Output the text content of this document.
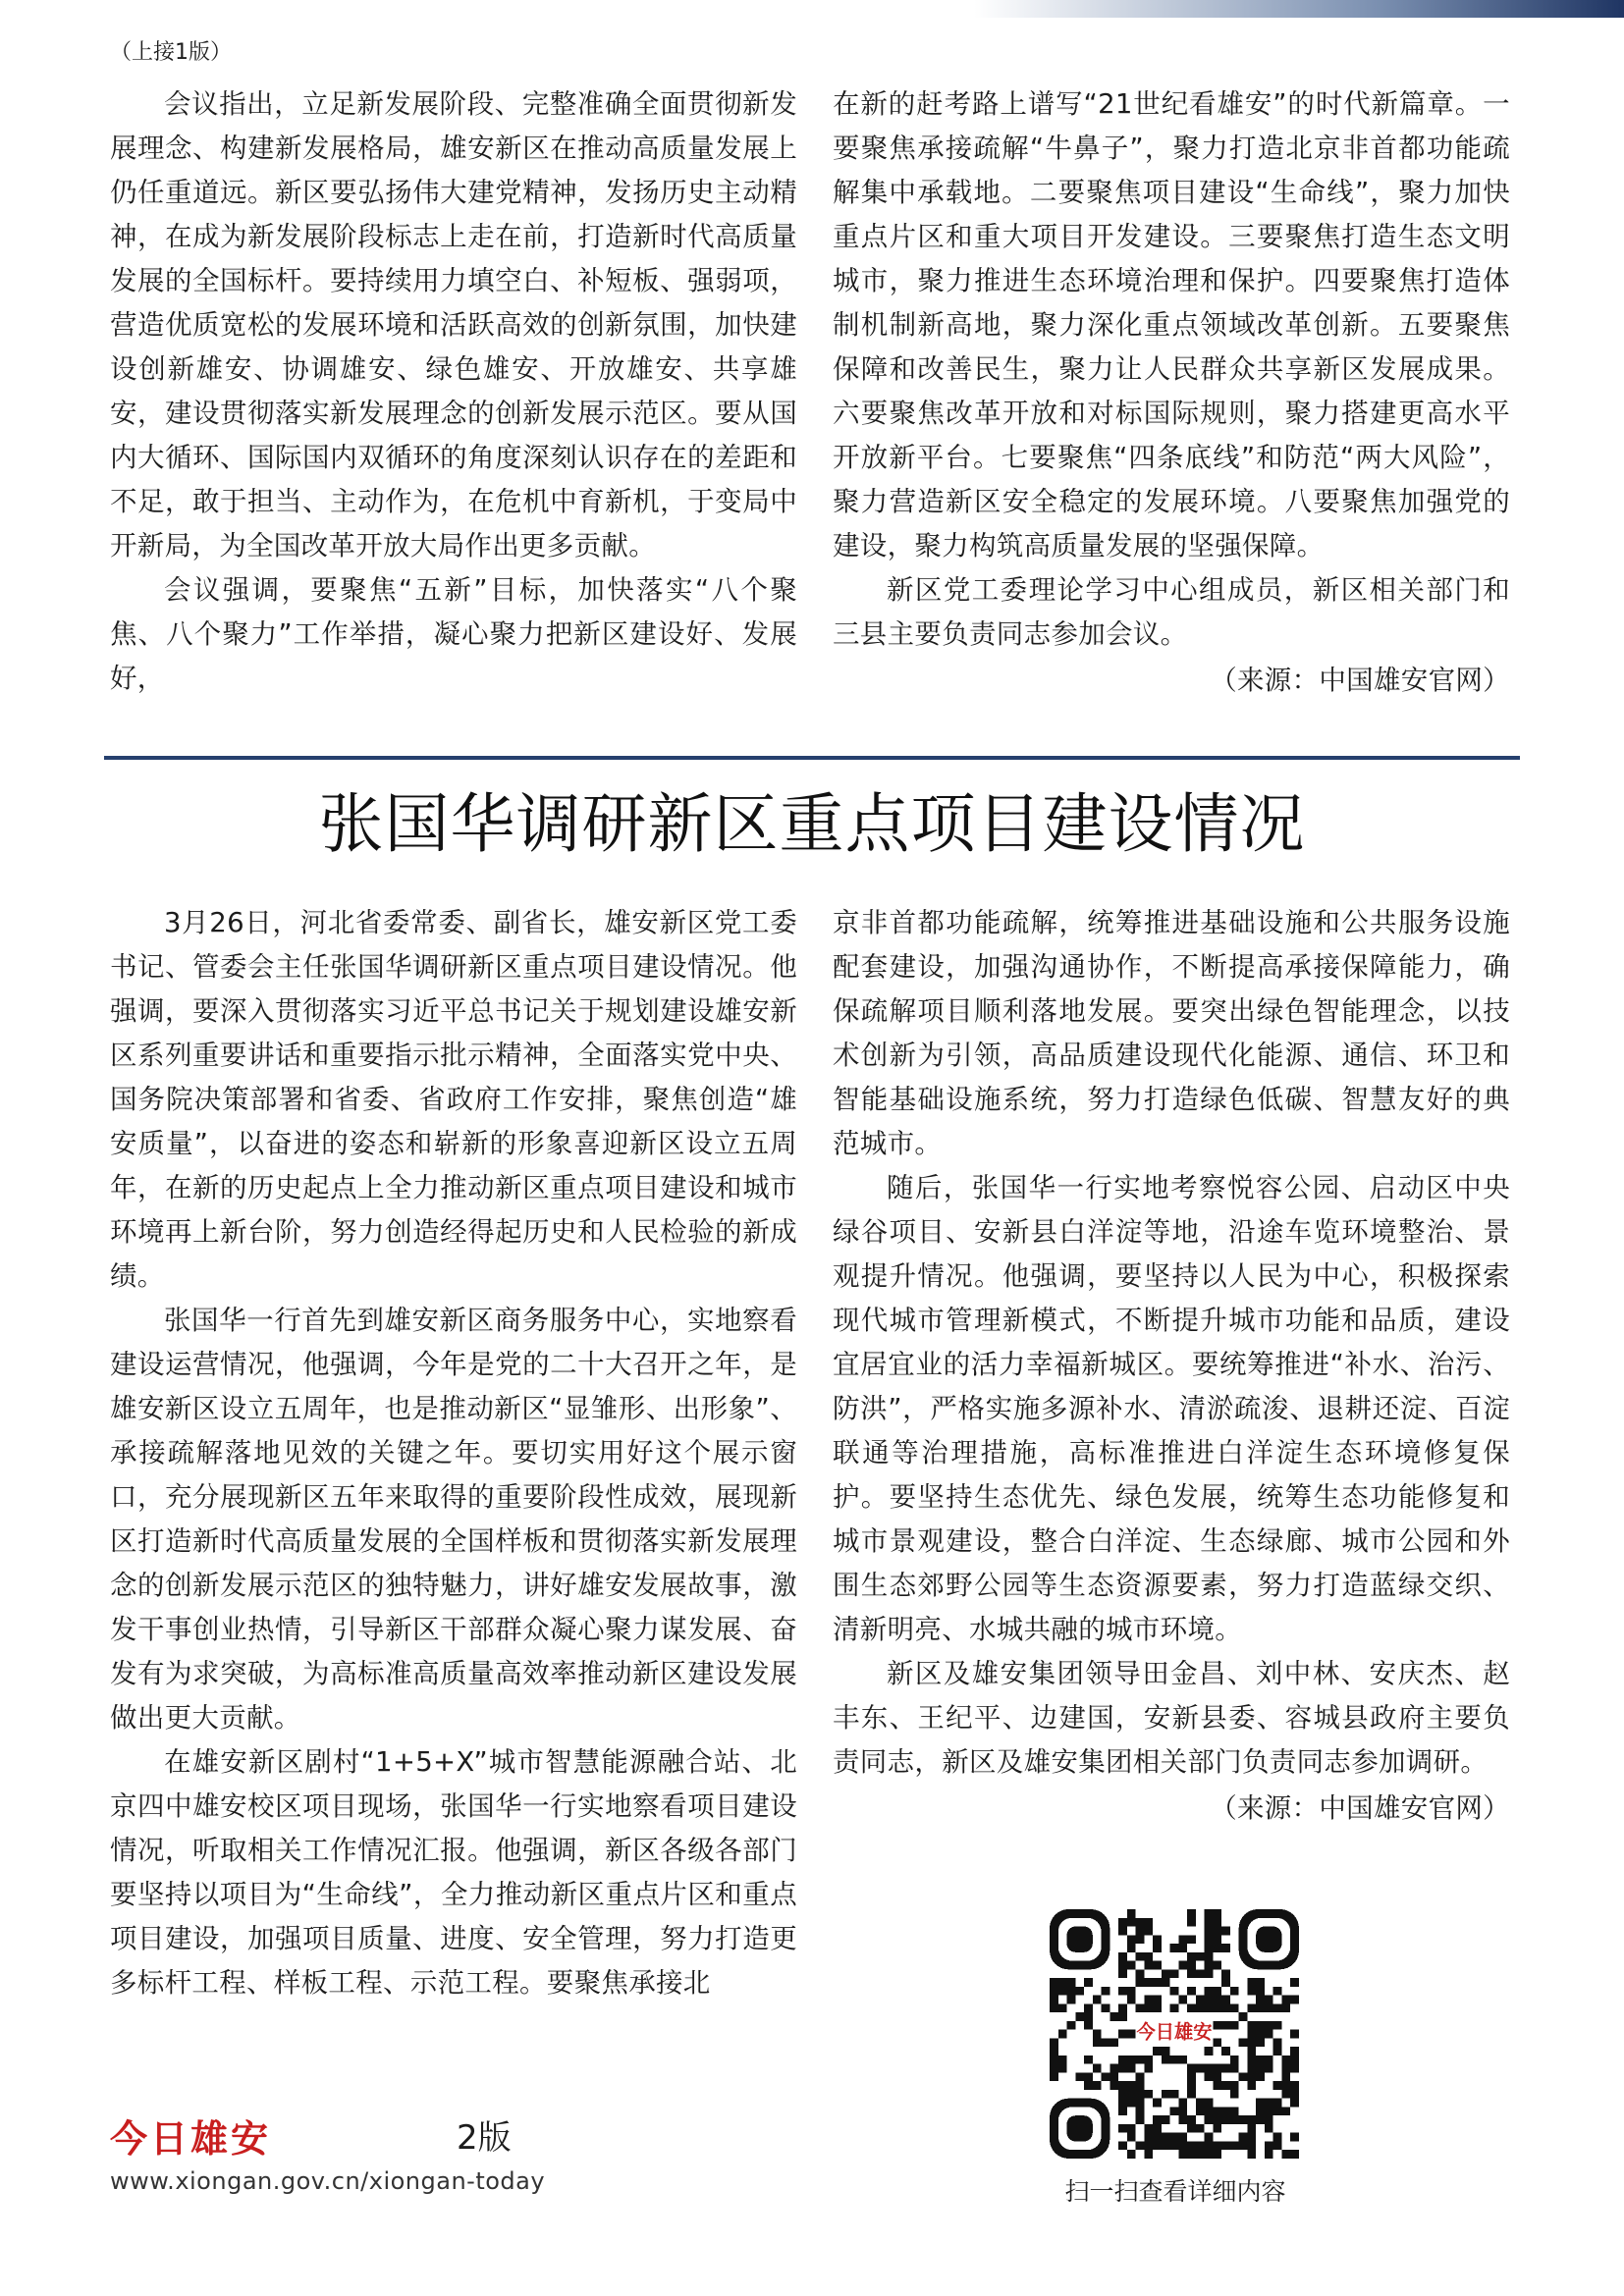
（上接1版）

会议指出，立足新发展阶段、完整准确全面贯彻新发展理念、构建新发展格局，雄安新区在推动高质量发展上仍任重道远。新区要弘扬伟大建党精神，发扬历史主动精神，在成为新发展阶段标志上走在前，打造新时代高质量发展的全国标杆。要持续用力填空白、补短板、强弱项，营造优质宽松的发展环境和活跃高效的创新氛围，加快建设创新雄安、协调雄安、绿色雄安、开放雄安、共享雄安，建设贯彻落实新发展理念的创新发展示范区。要从国内大循环、国际国内双循环的角度深刻认识存在的差距和不足，敢于担当、主动作为，在危机中育新机，于变局中开新局，为全国改革开放大局作出更多贡献。

会议强调，要聚焦“五新”目标，加快落实“八个聚焦、八个聚力”工作举措，凝心聚力把新区建设好、发展好，

在新的赶考路上谱写“21世纪看雄安”的时代新篇章。一要聚焦承接疏解“牛鼻子”，聚力打造北京非首都功能疏解集中承载地。二要聚焦项目建设“生命线”，聚力加快重点片区和重大项目开发建设。三要聚焦打造生态文明城市，聚力推进生态环境治理和保护。四要聚焦打造体制机制新高地，聚力深化重点领域改革创新。五要聚焦保障和改善民生，聚力让人民群众共享新区发展成果。六要聚焦改革开放和对标国际规则，聚力搭建更高水平开放新平台。七要聚焦“四条底线”和防范“两大风险”，聚力营造新区安全稳定的发展环境。八要聚焦加强党的建设，聚力构筑高质量发展的坚强保障。

新区党工委理论学习中心组成员，新区相关部门和三县主要负责同志参加会议。

（来源：中国雄安官网）

张国华调研新区重点项目建设情况

3月26日，河北省委常委、副省长，雄安新区党工委书记、管委会主任张国华调研新区重点项目建设情况。他强调，要深入贯彻落实习近平总书记关于规划建设雄安新区系列重要讲话和重要指示批示精神，全面落实党中央、国务院决策部署和省委、省政府工作安排，聚焦创造“雄安质量”，以奋进的姿态和崭新的形象喜迎新区设立五周年，在新的历史起点上全力推动新区重点项目建设和城市环境再上新台阶，努力创造经得起历史和人民检验的新成绩。

张国华一行首先到雄安新区商务服务中心，实地察看建设运营情况，他强调，今年是党的二十大召开之年，是雄安新区设立五周年，也是推动新区“显雏形、出形象”、承接疏解落地见效的关键之年。要切实用好这个展示窗口，充分展现新区五年来取得的重要阶段性成效，展现新区打造新时代高质量发展的全国样板和贯彻落实新发展理念的创新发展示范区的独特魅力，讲好雄安发展故事，激发干事创业热情，引导新区干部群众凝心聚力谋发展、奋发有为求突破，为高标准高质量高效率推动新区建设发展做出更大贡献。

在雄安新区剧村“1+5+X”城市智慧能源融合站、北京四中雄安校区项目现场，张国华一行实地察看项目建设情况，听取相关工作情况汇报。他强调，新区各级各部门要坚持以项目为“生命线”，全力推动新区重点片区和重点项目建设，加强项目质量、进度、安全管理，努力打造更多标杆工程、样板工程、示范工程。要聚焦承接北

京非首都功能疏解，统筹推进基础设施和公共服务设施配套建设，加强沟通协作，不断提高承接保障能力，确保疏解项目顺利落地发展。要突出绿色智能理念，以技术创新为引领，高品质建设现代化能源、通信、环卫和智能基础设施系统，努力打造绿色低碳、智慧友好的典范城市。

随后，张国华一行实地考察悦容公园、启动区中央绿谷项目、安新县白洋淀等地，沿途车览环境整治、景观提升情况。他强调，要坚持以人民为中心，积极探索现代城市管理新模式，不断提升城市功能和品质，建设宜居宜业的活力幸福新城区。要统筹推进“补水、治污、防洪”，严格实施多源补水、清淤疏浚、退耕还淀、百淀联通等治理措施，高标准推进白洋淀生态环境修复保护。要坚持生态优先、绿色发展，统筹生态功能修复和城市景观建设，整合白洋淀、生态绿廊、城市公园和外围生态郊野公园等生态资源要素，努力打造蓝绿交织、清新明亮、水城共融的城市环境。

新区及雄安集团领导田金昌、刘中林、安庆杰、赵丰东、王纪平、边建国，安新县委、容城县政府主要负责同志，新区及雄安集团相关部门负责同志参加调研。

（来源：中国雄安官网）

今日雄安
扫一扫查看详细内容
今日雄安	2版
www.xiongan.gov.cn/xiongan-today
